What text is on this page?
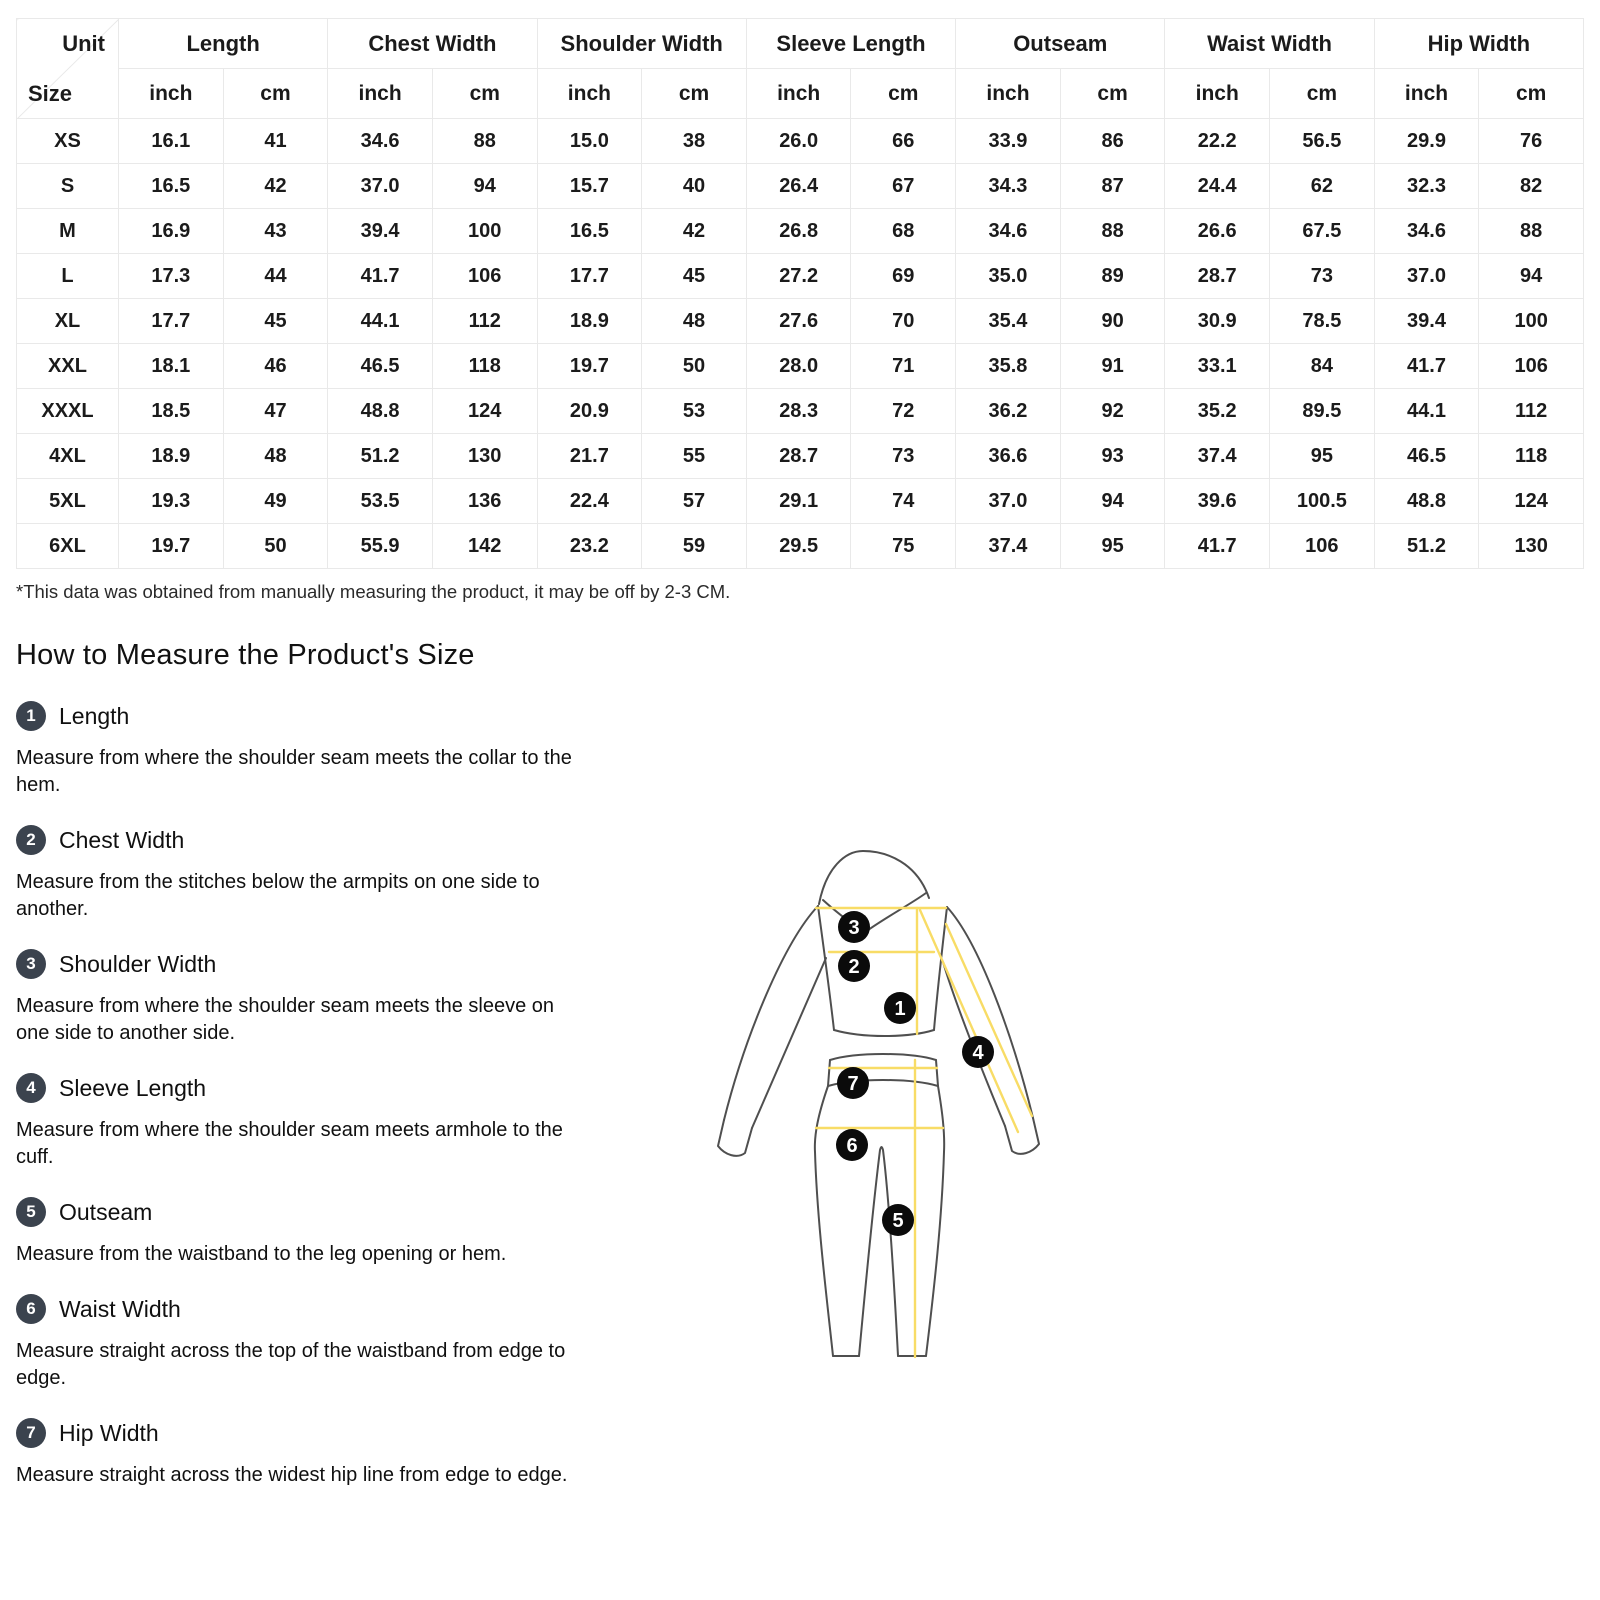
Unit
Size	Length		Chest Width		Shoulder Width		Sleeve Length		Outseam		Waist Width		Hip Width	
	inch	cm	inch	cm	inch	cm	inch	cm	inch	cm	inch	cm	inch	cm
XS	16.1	41	34.6	88	15.0	38	26.0	66	33.9	86	22.2	56.5	29.9	76
S	16.5	42	37.0	94	15.7	40	26.4	67	34.3	87	24.4	62	32.3	82
M	16.9	43	39.4	100	16.5	42	26.8	68	34.6	88	26.6	67.5	34.6	88
L	17.3	44	41.7	106	17.7	45	27.2	69	35.0	89	28.7	73	37.0	94
XL	17.7	45	44.1	112	18.9	48	27.6	70	35.4	90	30.9	78.5	39.4	100
XXL	18.1	46	46.5	118	19.7	50	28.0	71	35.8	91	33.1	84	41.7	106
XXXL	18.5	47	48.8	124	20.9	53	28.3	72	36.2	92	35.2	89.5	44.1	112
4XL	18.9	48	51.2	130	21.7	55	28.7	73	36.6	93	37.4	95	46.5	118
5XL	19.3	49	53.5	136	22.4	57	29.1	74	37.0	94	39.6	100.5	48.8	124
6XL	19.7	50	55.9	142	23.2	59	29.5	75	37.4	95	41.7	106	51.2	130

*This data was obtained from manually measuring the product, it may be off by 2-3 CM.

How to Measure the Product's Size
1	Length

Measure from where the shoulder seam meets the collar to the hem.

2	Chest Width

Measure from the stitches below the armpits on one side to another.

3	Shoulder Width

Measure from where the shoulder seam meets the sleeve on one side to another side.

4	Sleeve Length

Measure from where the shoulder seam meets armhole to the cuff.

5	Outseam

Measure from the waistband to the leg opening or hem.

6	Waist Width

Measure straight across the top of the waistband from edge to edge.

7	Hip Width

Measure straight across the widest hip line from edge to edge.

3
2
1
4
7
6
5
